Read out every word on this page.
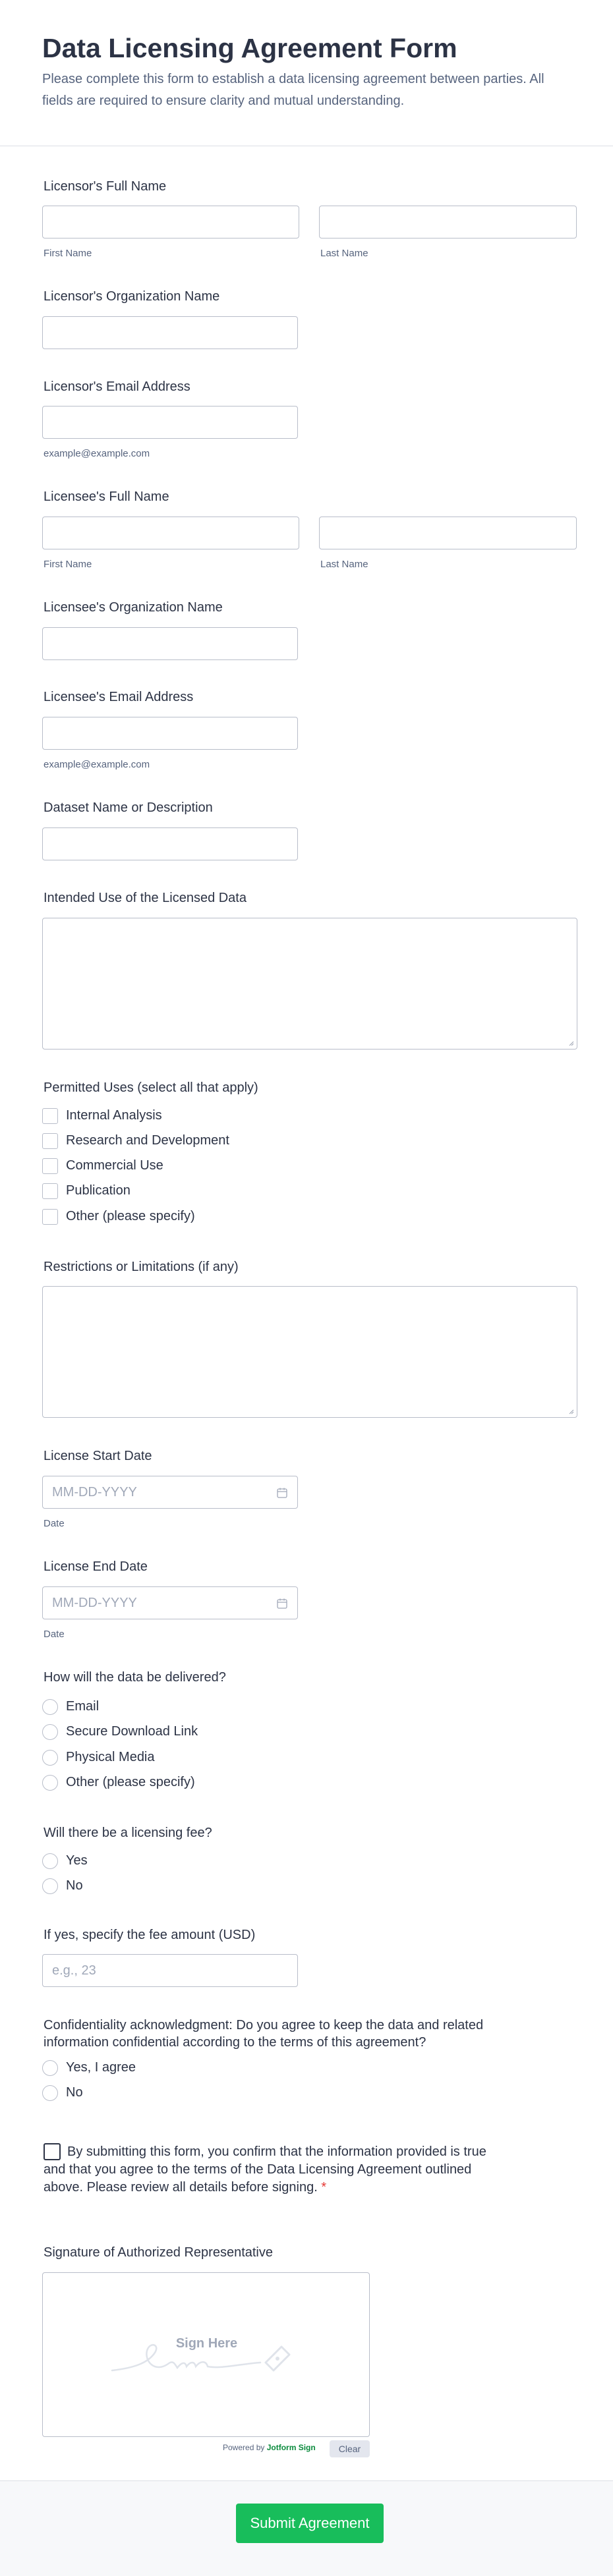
Data Licensing Agreement Form
Please complete this form to establish a data licensing agreement between parties. All fields are required to ensure clarity and mutual understanding.
Licensor's Full Name
First Name	Last Name
Licensor's Organization Name
Licensor's Email Address
example@example.com
Licensee's Full Name
First Name	Last Name
Licensee's Organization Name
Licensee's Email Address
example@example.com
Dataset Name or Description
Intended Use of the Licensed Data
Permitted Uses (select all that apply)
Internal Analysis
Research and Development
Commercial Use
Publication
Other (please specify)
Restrictions or Limitations (if any)
License Start Date
MM-DD-YYYY
Date
License End Date
MM-DD-YYYY
Date
How will the data be delivered?
Email
Secure Download Link
Physical Media
Other (please specify)
Will there be a licensing fee?
Yes
No
If yes, specify the fee amount (USD)
e.g., 23
Confidentiality acknowledgment: Do you agree to keep the data and related information confidential according to the terms of this agreement?
Yes, I agree
No
By submitting this form, you confirm that the information provided is true and that you agree to the terms of the Data Licensing Agreement outlined above. Please review all details before signing. *
Signature of Authorized Representative
Sign Here
Powered by Jotform Sign	Clear
Submit Agreement
